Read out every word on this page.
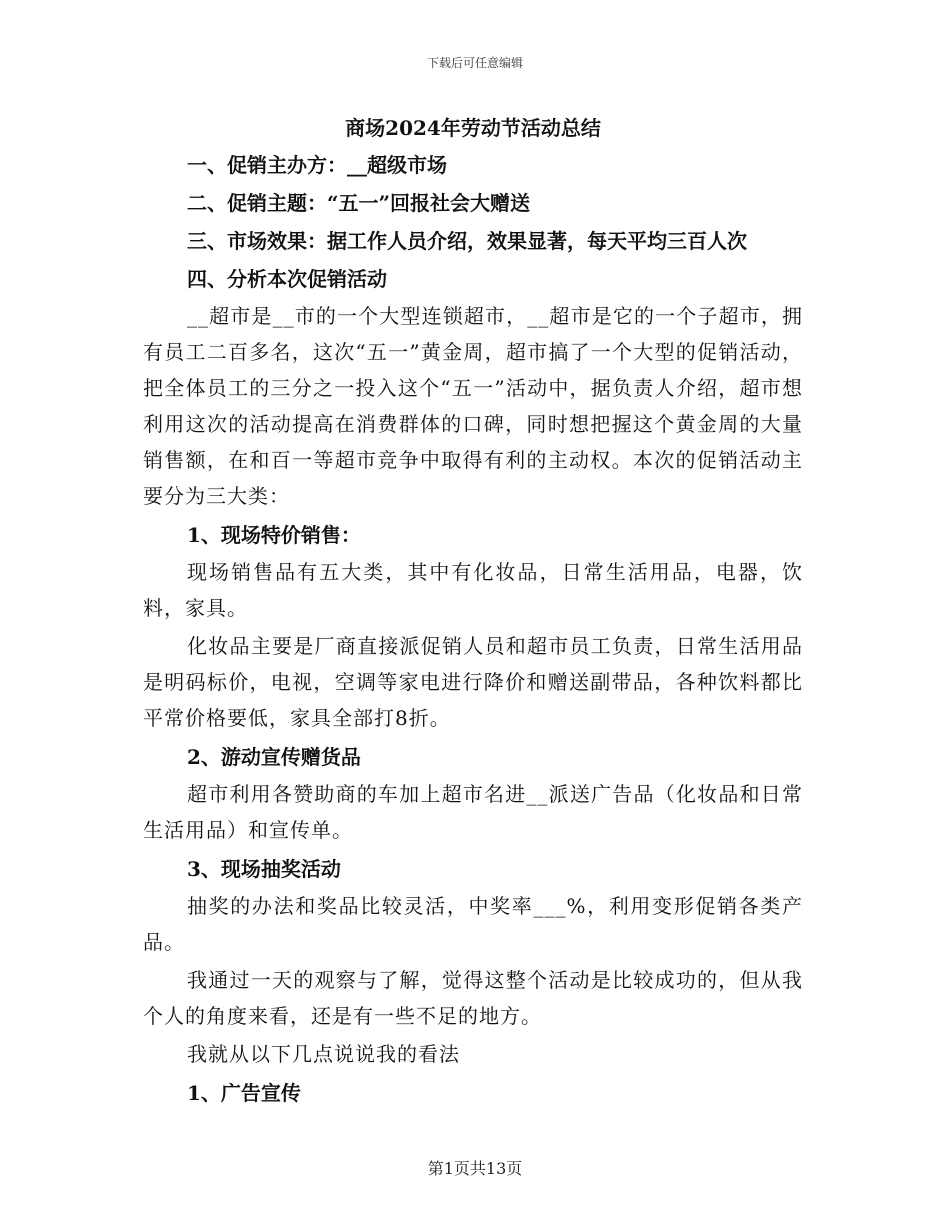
下载后可任意编辑
商场2024年劳动节活动总结

一、促销主办方：__超级市场

二、促销主题：“五一”回报社会大赠送

三、市场效果：据工作人员介绍，效果显著，每天平均三百人次

四、分析本次促销活动

__超市是__市的一个大型连锁超市，__超市是它的一个子超市，拥有员工二百多名，这次“五一”黄金周，超市搞了一个大型的促销活动，把全体员工的三分之一投入这个“五一”活动中，据负责人介绍，超市想利用这次的活动提高在消费群体的口碑，同时想把握这个黄金周的大量销售额，在和百一等超市竞争中取得有利的主动权。本次的促销活动主要分为三大类：

1、现场特价销售：

现场销售品有五大类，其中有化妆品，日常生活用品，电器，饮料，家具。

化妆品主要是厂商直接派促销人员和超市员工负责，日常生活用品是明码标价，电视，空调等家电进行降价和赠送副带品，各种饮料都比平常价格要低，家具全部打8折。

2、游动宣传赠货品

超市利用各赞助商的车加上超市名进__派送广告品（化妆品和日常生活用品）和宣传单。

3、现场抽奖活动

抽奖的办法和奖品比较灵活，中奖率___%，利用变形促销各类产品。

我通过一天的观察与了解，觉得这整个活动是比较成功的，但从我个人的角度来看，还是有一些不足的地方。

我就从以下几点说说我的看法

1、广告宣传

第1页共13页
